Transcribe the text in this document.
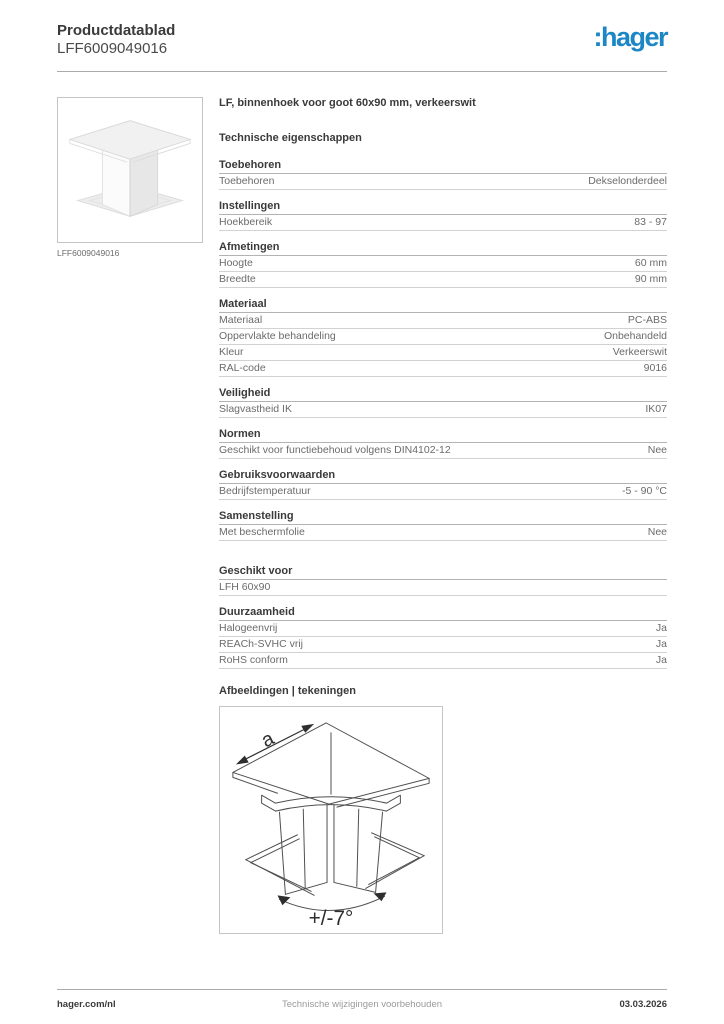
Productdatablad
LFF6009049016	:hager
LFF6009049016
LF, binnenhoek voor goot 60x90 mm, verkeerswit
Technische eigenschappen
Toebehoren
Toebehoren	Dekselonderdeel
Instellingen
Hoekbereik	83 - 97
Afmetingen
Hoogte	60 mm
Breedte	90 mm
Materiaal
Materiaal	PC-ABS
Oppervlakte behandeling	Onbehandeld
Kleur	Verkeerswit
RAL-code	9016
Veiligheid
Slagvastheid IK	IK07
Normen
Geschikt voor functiebehoud volgens DIN4102-12	Nee
Gebruiksvoorwaarden
Bedrijfstemperatuur	-5 - 90 °C
Samenstelling
Met beschermfolie	Nee
Geschikt voor
LFH 60x90
Duurzaamheid
Halogeenvrij	Ja
REACh-SVHC vrij	Ja
RoHS conform	Ja
Afbeeldingen | tekeningen
a
+/-7°
hager.com/nl	Technische wijzigingen voorbehouden	03.03.2026
